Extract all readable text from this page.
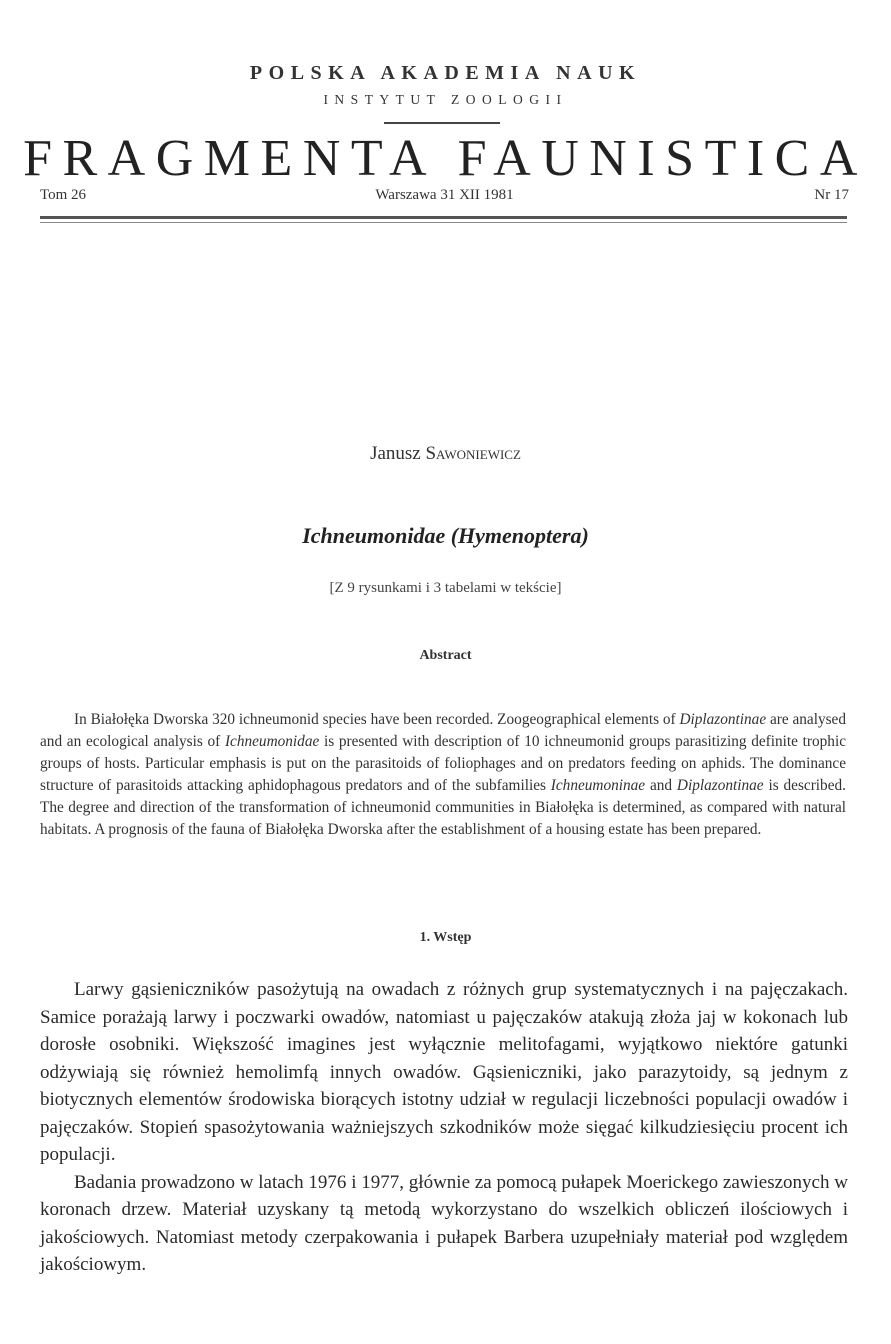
POLSKA AKADEMIA NAUK
INSTYTUT ZOOLOGII
FRAGMENTA FAUNISTICA
Tom 26	Warszawa 31 XII 1981	Nr 17
Janusz Sawoniewicz
Ichneumonidae (Hymenoptera)
[Z 9 rysunkami i 3 tabelami w tekście]
Abstract

In Białołęka Dworska 320 ichneumonid species have been recorded. Zoogeographical elements of Diplazontinae are analysed and an ecological analysis of Ichneumonidae is presented with description of 10 ichneumonid groups parasitizing definite trophic groups of hosts. Particular emphasis is put on the parasitoids of foliophages and on predators feeding on aphids. The dominance structure of parasitoids attacking aphidophagous predators and of the subfamilies Ichneumoninae and Diplazontinae is described. The degree and direction of the transformation of ichneumonid communities in Białołęka is determined, as compared with natural habitats. A prognosis of the fauna of Białołęka Dworska after the establishment of a housing estate has been prepared.

1. Wstęp

Larwy gąsieniczników pasożytują na owadach z różnych grup systematycznych i na pajęczakach. Samice porażają larwy i poczwarki owadów, natomiast u pajęczaków atakują złoża jaj w kokonach lub dorosłe osobniki. Większość imagines jest wyłącznie melitofagami, wyjątkowo niektóre gatunki odżywiają się również hemolimfą innych owadów. Gąsieniczniki, jako parazytoidy, są jednym z biotycznych elementów środowiska biorących istotny udział w regulacji liczebności populacji owadów i pajęczaków. Stopień spasożytowania ważniejszych szkodników może sięgać kilkudziesięciu procent ich populacji.

Badania prowadzono w latach 1976 i 1977, głównie za pomocą pułapek Moerickego zawieszonych w koronach drzew. Materiał uzyskany tą metodą wykorzystano do wszelkich obliczeń ilościowych i jakościowych. Natomiast metody czerpakowania i pułapek Barbera uzupełniały materiał pod względem jakościowym.
